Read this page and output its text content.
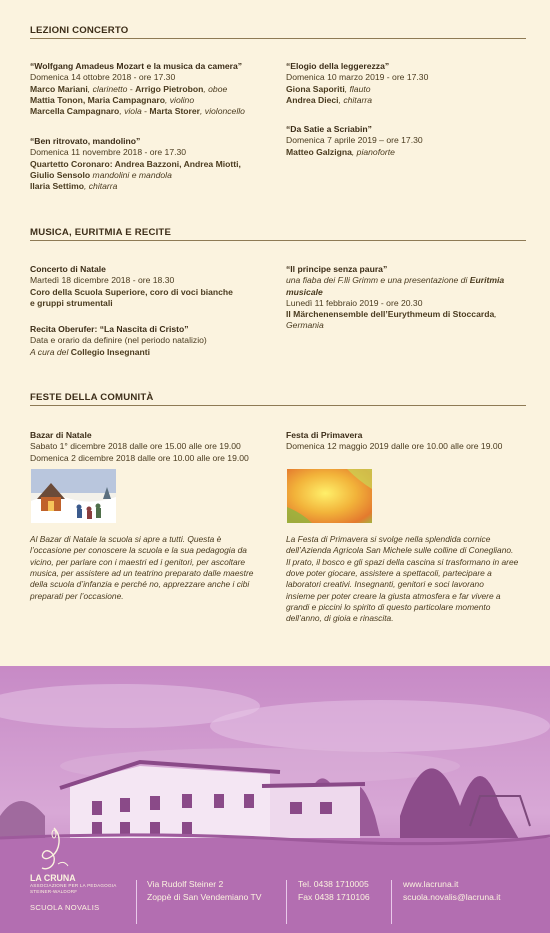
LEZIONI CONCERTO

“Wolfgang Amadeus Mozart e la musica da camera”

Domenica 14 ottobre 2018 - ore 17.30

Marco Mariani, clarinetto - Arrigo Pietrobon, oboe

Mattia Tonon, Maria Campagnaro, violino

Marcella Campagnaro, viola - Marta Storer, violoncello

“Ben ritrovato, mandolino”

Domenica 11 novembre 2018 - ore 17.30

Quartetto Coronaro: Andrea Bazzoni, Andrea Miotti,

Giulio Sensolo mandolini e mandola

Ilaria Settimo, chitarra

“Elogio della leggerezza”

Domenica 10 marzo 2019 - ore 17.30

Giona Saporiti, flauto

Andrea Dieci, chitarra

“Da Satie a Scriabin”

Domenica 7 aprile 2019 – ore 17.30

Matteo Galzigna, pianoforte

MUSICA, EURITMIA E RECITE

Concerto di Natale

Martedì 18 dicembre 2018 - ore 18.30

Coro della Scuola Superiore, coro di voci bianche

e gruppi strumentali

Recita Oberufer: “La Nascita di Cristo”

Data e orario da definire (nel periodo natalizio)

A cura del Collegio Insegnanti

“Il principe senza paura”

una fiaba dei F.lli Grimm e una presentazione di Euritmia

musicale

Lunedì 11 febbraio 2019 - ore 20.30

Il Märchenensemble dell’Eurythmeum di Stoccarda,

Germania

FESTE DELLA COMUNITÀ

Bazar di Natale

Sabato 1° dicembre 2018 dalle ore 15.00 alle ore 19.00

Domenica 2 dicembre 2018 dalle ore 10.00 alle ore 19.00

Al Bazar di Natale la scuola si apre a tutti. Questa è

l’occasione per conoscere la scuola e la sua pedagogia da

vicino, per parlare con i maestri ed i genitori, per ascoltare

musica, per assistere ad un teatrino preparato dalle maestre

della scuola d’infanzia e perché no, apprezzare anche i cibi

preparati per l’occasione.

Festa di Primavera

Domenica 12 maggio 2019 dalle ore 10.00 alle ore 19.00

La Festa di Primavera si svolge nella splendida cornice

dell’Azienda Agricola San Michele sulle colline di Conegliano.

Il prato, il bosco e gli spazi della cascina si trasformano in aree

dove poter giocare, assistere a spettacoli, partecipare a

laboratori creativi. Insegnanti, genitori e soci lavorano

insieme per poter creare la giusta atmosfera e far vivere a

grandi e piccini lo spirito di questo particolare momento

dell’anno, di gioia e rinascita.

LA CRUNA
ASSOCIAZIONE PER LA PEDAGOGIA
STEINER-WALDORF
SCUOLA NOVALIS
Via Rudolf Steiner 2
Zoppè di San Vendemiano TV
Tel. 0438 1710005
Fax 0438 1710106
www.lacruna.it
scuola.novalis@lacruna.it
